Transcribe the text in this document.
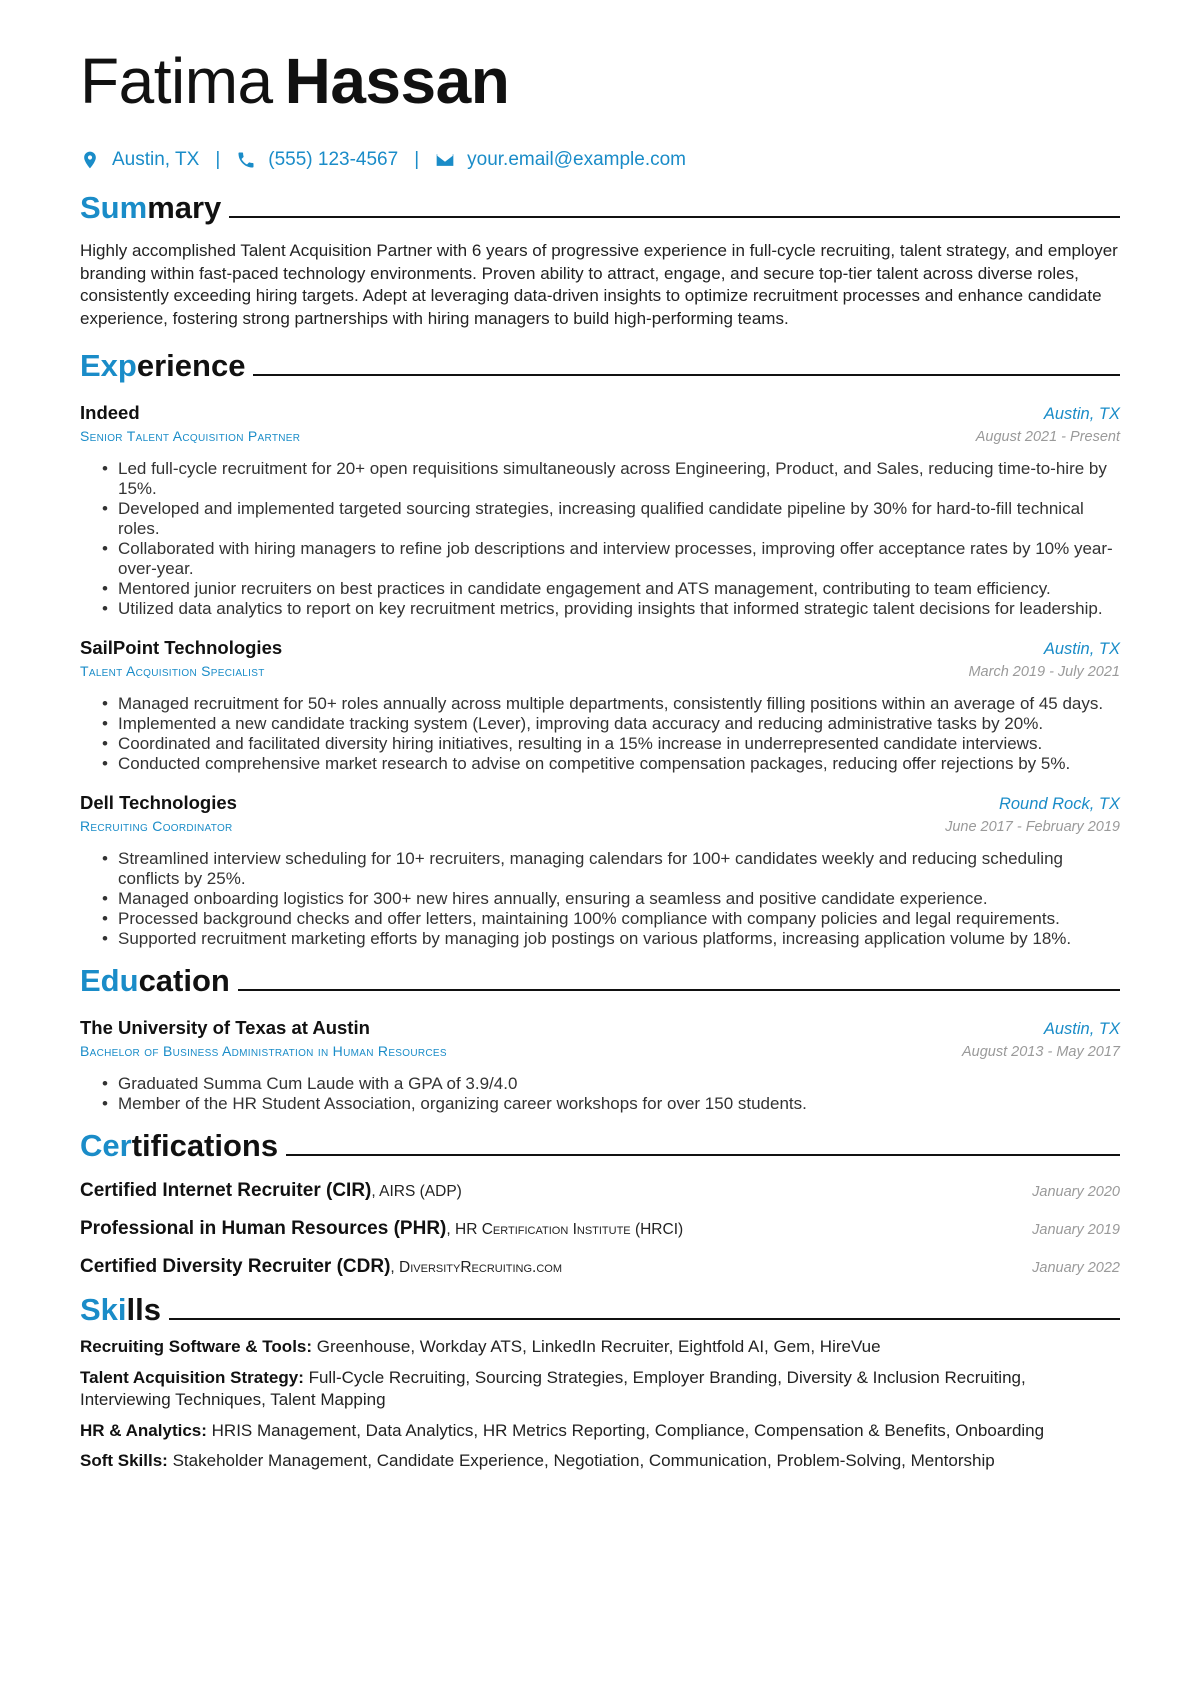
Fatima Hassan
Austin, TX |	(555) 123-4567 |	your.email@example.com
Summary
Highly accomplished Talent Acquisition Partner with 6 years of progressive experience in full-cycle recruiting, talent strategy, and employer branding within fast-paced technology environments. Proven ability to attract, engage, and secure top-tier talent across diverse roles, consistently exceeding hiring targets. Adept at leveraging data-driven insights to optimize recruitment processes and enhance candidate experience, fostering strong partnerships with hiring managers to build high-performing teams.
Experience
Indeed	Austin, TX
Senior Talent Acquisition Partner	August 2021 - Present
• Led full-cycle recruitment for 20+ open requisitions simultaneously across Engineering, Product, and Sales, reducing time-to-hire by 15%.
• Developed and implemented targeted sourcing strategies, increasing qualified candidate pipeline by 30% for hard-to-fill technical roles.
• Collaborated with hiring managers to refine job descriptions and interview processes, improving offer acceptance rates by 10% year-over-year.
• Mentored junior recruiters on best practices in candidate engagement and ATS management, contributing to team efficiency.
• Utilized data analytics to report on key recruitment metrics, providing insights that informed strategic talent decisions for leadership.
SailPoint Technologies	Austin, TX
Talent Acquisition Specialist	March 2019 - July 2021
• Managed recruitment for 50+ roles annually across multiple departments, consistently filling positions within an average of 45 days.
• Implemented a new candidate tracking system (Lever), improving data accuracy and reducing administrative tasks by 20%.
• Coordinated and facilitated diversity hiring initiatives, resulting in a 15% increase in underrepresented candidate interviews.
• Conducted comprehensive market research to advise on competitive compensation packages, reducing offer rejections by 5%.
Dell Technologies	Round Rock, TX
Recruiting Coordinator	June 2017 - February 2019
• Streamlined interview scheduling for 10+ recruiters, managing calendars for 100+ candidates weekly and reducing scheduling conflicts by 25%.
• Managed onboarding logistics for 300+ new hires annually, ensuring a seamless and positive candidate experience.
• Processed background checks and offer letters, maintaining 100% compliance with company policies and legal requirements.
• Supported recruitment marketing efforts by managing job postings on various platforms, increasing application volume by 18%.
Education
The University of Texas at Austin	Austin, TX
Bachelor of Business Administration in Human Resources	August 2013 - May 2017
• Graduated Summa Cum Laude with a GPA of 3.9/4.0
• Member of the HR Student Association, organizing career workshops for over 150 students.
Certifications
Certified Internet Recruiter (CIR), AIRS (ADP)	January 2020
Professional in Human Resources (PHR), HR Certification Institute (HRCI)	January 2019
Certified Diversity Recruiter (CDR), DiversityRecruiting.com	January 2022
Skills
Recruiting Software & Tools: Greenhouse, Workday ATS, LinkedIn Recruiter, Eightfold AI, Gem, HireVue
Talent Acquisition Strategy: Full-Cycle Recruiting, Sourcing Strategies, Employer Branding, Diversity & Inclusion Recruiting, Interviewing Techniques, Talent Mapping
HR & Analytics: HRIS Management, Data Analytics, HR Metrics Reporting, Compliance, Compensation & Benefits, Onboarding
Soft Skills: Stakeholder Management, Candidate Experience, Negotiation, Communication, Problem-Solving, Mentorship
